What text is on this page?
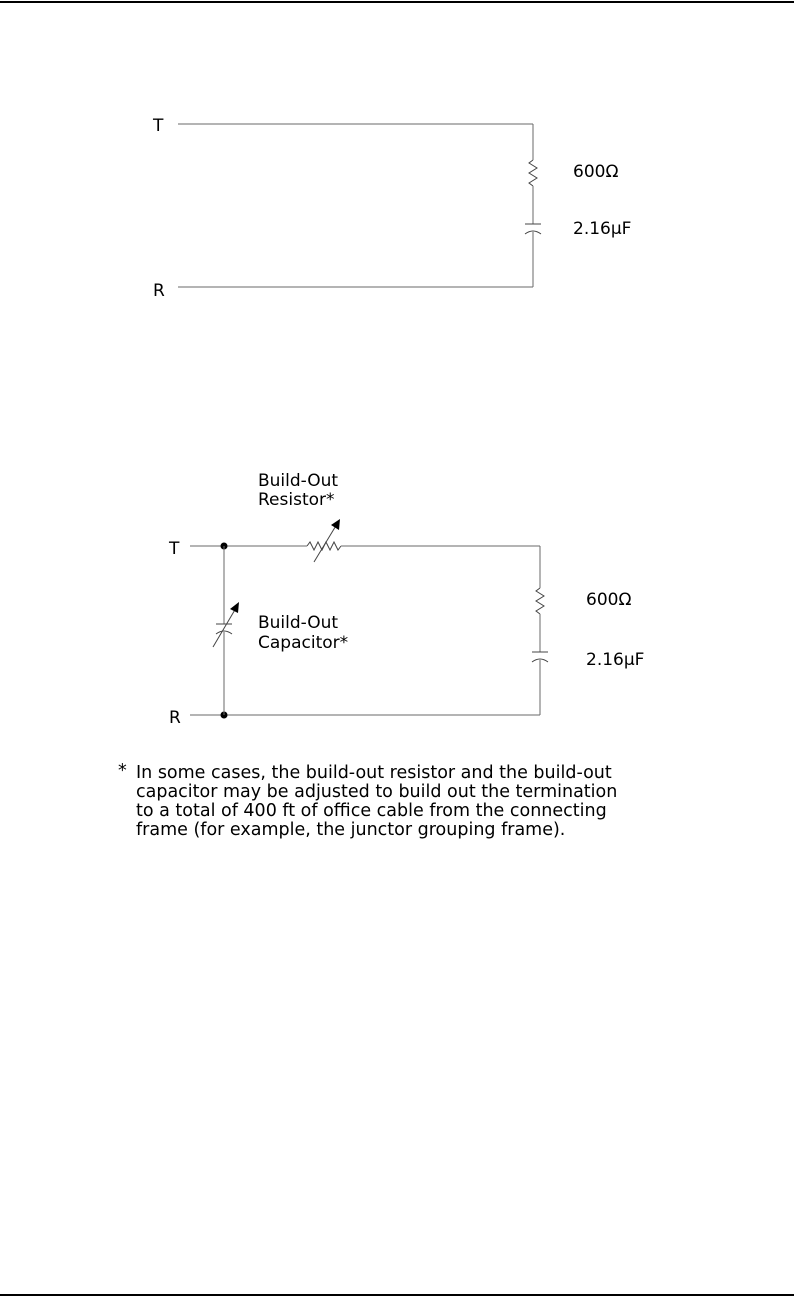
T
R
600Ω
2.16µF
T
R
Build-Out
Resistor*
Build-Out
Capacitor*
600Ω
2.16µF
* In some cases, the build-out resistor and the build-out
capacitor may be adjusted to build out the termination
to a total of 400 ft of office cable from the connecting
frame (for example, the junctor grouping frame).
